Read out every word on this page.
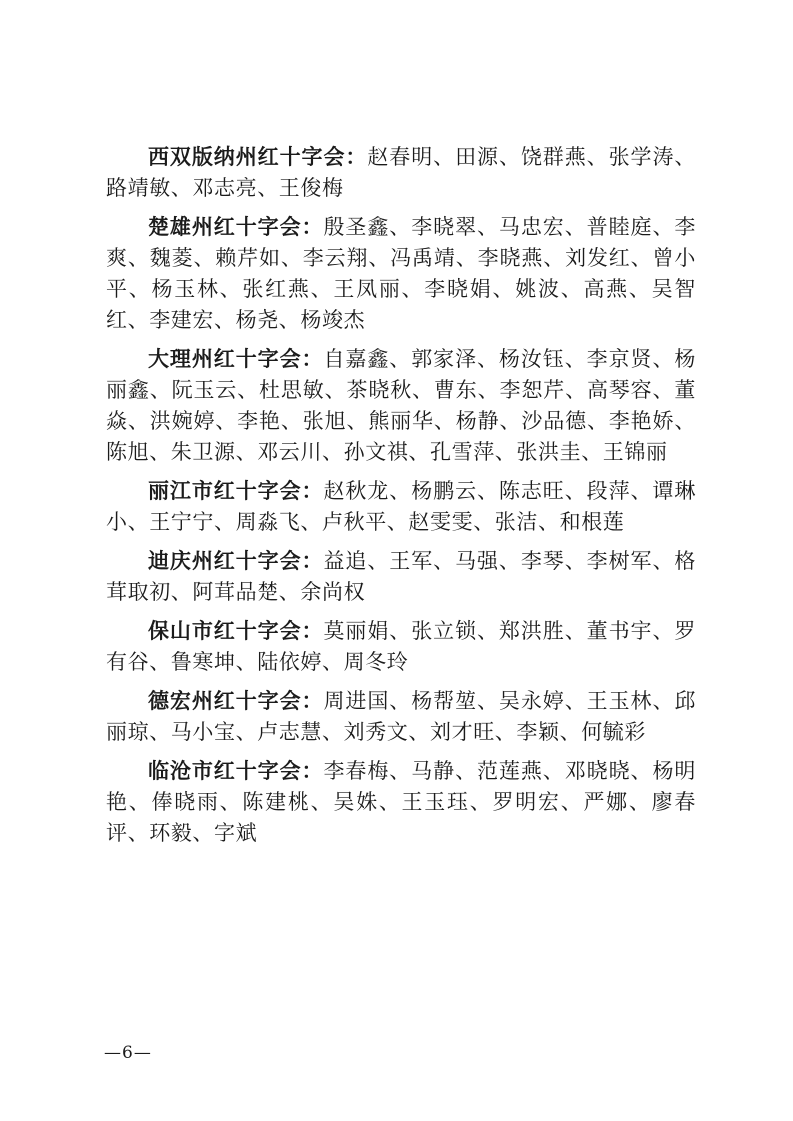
西双版纳州红十字会：赵春明、田源、饶群燕、张学涛、路靖敏、邓志亮、王俊梅

楚雄州红十字会：殷圣鑫、李晓翠、马忠宏、普睦庭、李爽、魏菱、赖芹如、李云翔、冯禹靖、李晓燕、刘发红、曾小平、杨玉林、张红燕、王凤丽、李晓娟、姚波、高燕、吴智红、李建宏、杨尧、杨竣杰

大理州红十字会：自嘉鑫、郭家泽、杨汝钰、李京贤、杨丽鑫、阮玉云、杜思敏、茶晓秋、曹东、李恕芹、高琴容、董焱、洪婉婷、李艳、张旭、熊丽华、杨静、沙品德、李艳娇、陈旭、朱卫源、邓云川、孙文祺、孔雪萍、张洪圭、王锦丽

丽江市红十字会：赵秋龙、杨鹏云、陈志旺、段萍、谭琳小、王宁宁、周淼飞、卢秋平、赵雯雯、张洁、和根莲

迪庆州红十字会：益追、王军、马强、李琴、李树军、格茸取初、阿茸品楚、余尚权

保山市红十字会：莫丽娟、张立锁、郑洪胜、董书宇、罗有谷、鲁寒坤、陆依婷、周冬玲

德宏州红十字会：周进国、杨帮堃、吴永婷、王玉林、邱丽琼、马小宝、卢志慧、刘秀文、刘才旺、李颖、何毓彩

临沧市红十字会：李春梅、马静、范莲燕、邓晓晓、杨明艳、俸晓雨、陈建桃、吴姝、王玉珏、罗明宏、严娜、廖春评、环毅、字斌

—6—
